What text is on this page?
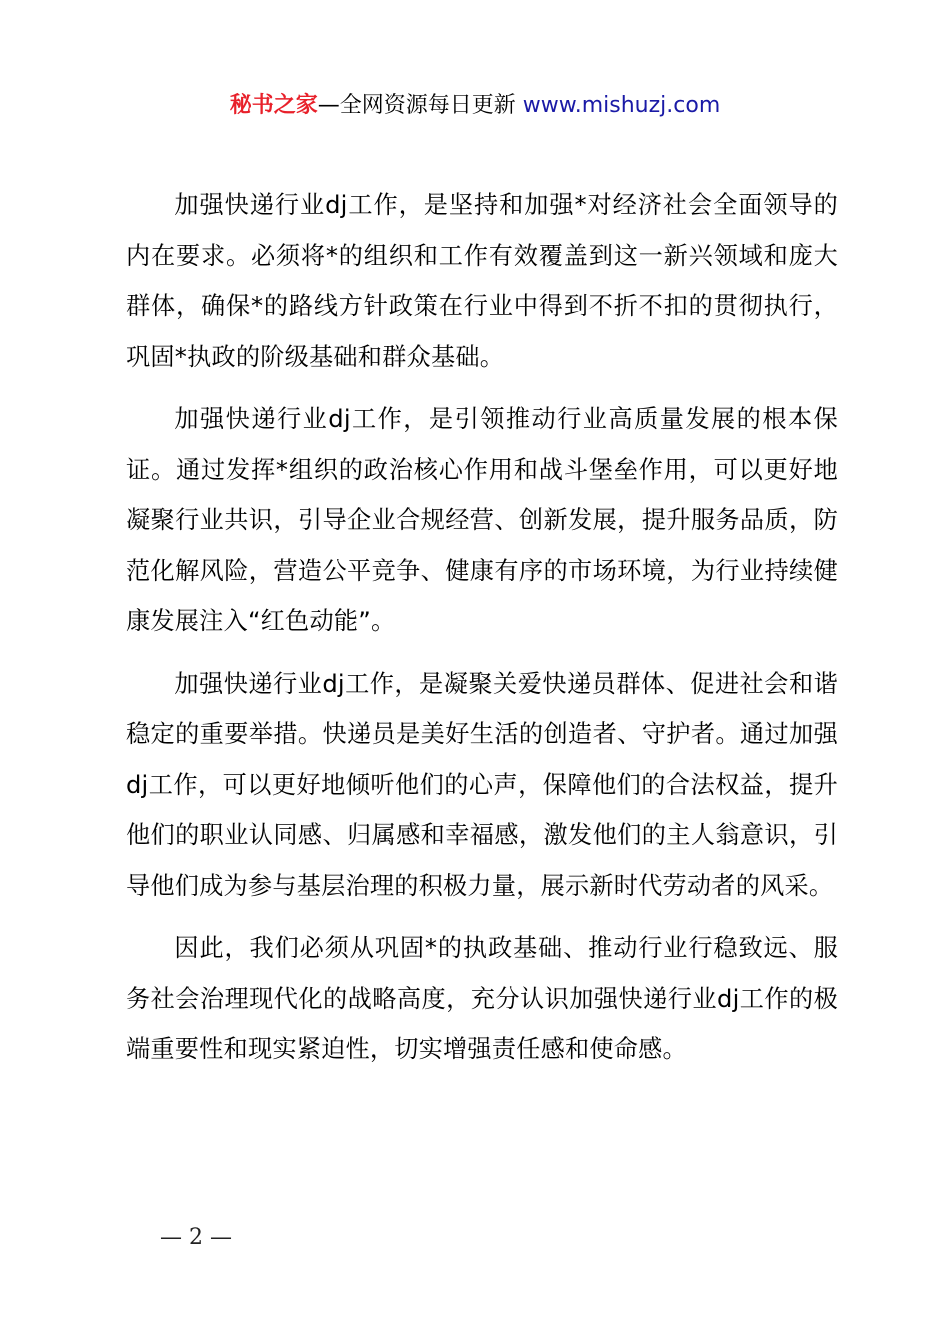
秘书之家—全网资源每日更新 www.mishuzj.com

加强快递行业dj工作，是坚持和加强*对经济社会全面领导的内在要求。必须将*的组织和工作有效覆盖到这一新兴领域和庞大群体，确保*的路线方针政策在行业中得到不折不扣的贯彻执行，巩固*执政的阶级基础和群众基础。

加强快递行业dj工作，是引领推动行业高质量发展的根本保证。通过发挥*组织的政治核心作用和战斗堡垒作用，可以更好地凝聚行业共识，引导企业合规经营、创新发展，提升服务品质，防范化解风险，营造公平竞争、健康有序的市场环境，为行业持续健康发展注入“红色动能”。

加强快递行业dj工作，是凝聚关爱快递员群体、促进社会和谐稳定的重要举措。快递员是美好生活的创造者、守护者。通过加强dj工作，可以更好地倾听他们的心声，保障他们的合法权益，提升他们的职业认同感、归属感和幸福感，激发他们的主人翁意识，引导他们成为参与基层治理的积极力量，展示新时代劳动者的风采。

因此，我们必须从巩固*的执政基础、推动行业行稳致远、服务社会治理现代化的战略高度，充分认识加强快递行业dj工作的极端重要性和现实紧迫性，切实增强责任感和使命感。

— 2 —
